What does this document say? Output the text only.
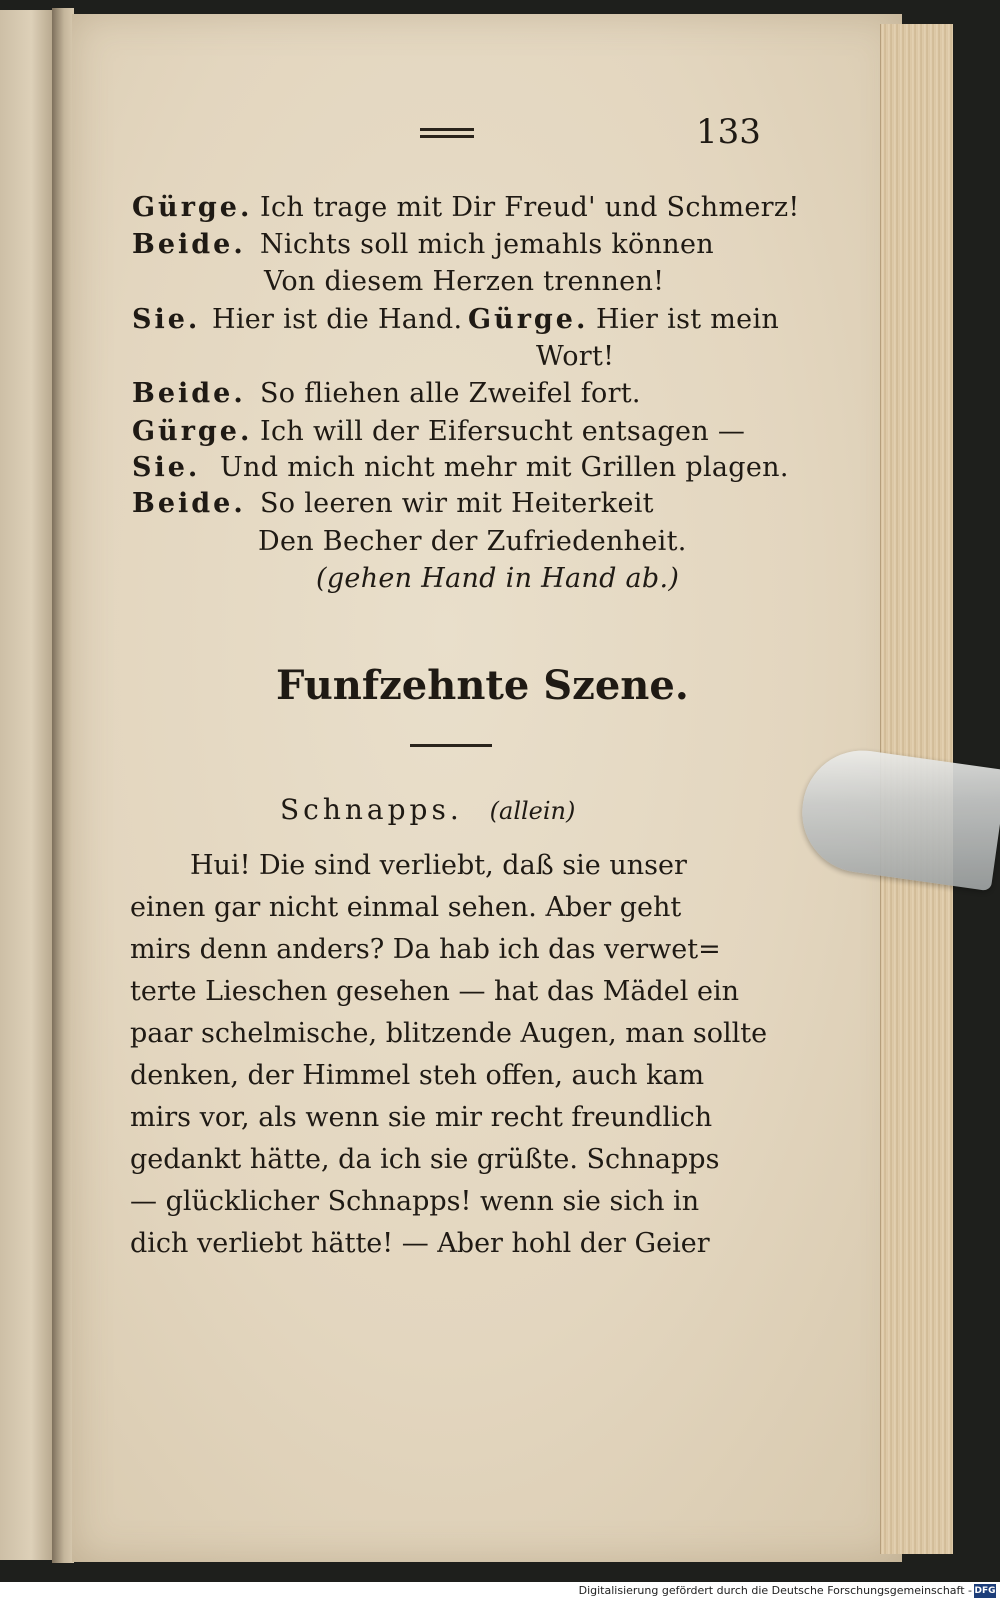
133
Gürge. Ich trage mit Dir Freud' und Schmerz!
Beide. Nichts soll mich jemahls können
Von diesem Herzen trennen!
Sie. Hier ist die Hand. Gürge. Hier ist mein
Wort!
Beide. So fliehen alle Zweifel fort.
Gürge. Ich will der Eifersucht entsagen —
Sie. Und mich nicht mehr mit Grillen plagen.
Beide. So leeren wir mit Heiterkeit
Den Becher der Zufriedenheit.
(gehen Hand in Hand ab.)
Funfzehnte Szene.
Schnapps. (allein)
Hui! Die sind verliebt, daß sie unser
einen gar nicht einmal sehen. Aber geht
mirs denn anders? Da hab ich das verwet=
terte Lieschen gesehen — hat das Mädel ein
paar schelmische, blitzende Augen, man sollte
denken, der Himmel steh offen, auch kam
mirs vor, als wenn sie mir recht freundlich
gedankt hätte, da ich sie grüßte. Schnapps
— glücklicher Schnapps! wenn sie sich in
dich verliebt hätte! — Aber hohl der Geier
Digitalisierung gefördert durch die Deutsche Forschungsgemeinschaft - DFG
